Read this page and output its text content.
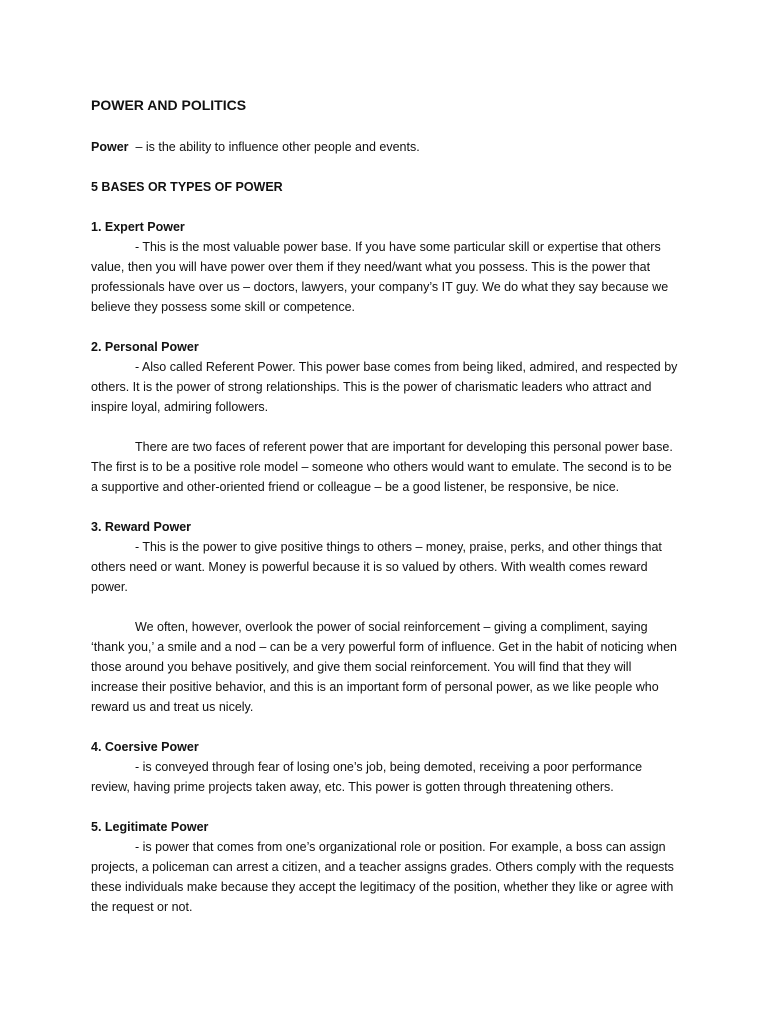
POWER AND POLITICS
Power  – is the ability to influence other people and events.
5 BASES OR TYPES OF POWER
1. Expert Power

- This is the most valuable power base. If you have some particular skill or expertise that others value, then you will have power over them if they need/want what you possess. This is the power that professionals have over us – doctors, lawyers, your company’s IT guy. We do what they say because we believe they possess some skill or competence.

2. Personal Power

- Also called Referent Power. This power base comes from being liked, admired, and respected by others. It is the power of strong relationships. This is the power of charismatic leaders who attract and inspire loyal, admiring followers.

There are two faces of referent power that are important for developing this personal power base. The first is to be a positive role model – someone who others would want to emulate. The second is to be a supportive and other-oriented friend or colleague – be a good listener, be responsive, be nice.

3. Reward Power

- This is the power to give positive things to others – money, praise, perks, and other things that others need or want. Money is powerful because it is so valued by others. With wealth comes reward power.

We often, however, overlook the power of social reinforcement – giving a compliment, saying ‘thank you,’ a smile and a nod – can be a very powerful form of influence. Get in the habit of noticing when those around you behave positively, and give them social reinforcement. You will find that they will increase their positive behavior, and this is an important form of personal power, as we like people who reward us and treat us nicely.

4. Coersive Power

- is conveyed through fear of losing one’s job, being demoted, receiving a poor performance review, having prime projects taken away, etc. This power is gotten through threatening others.

5. Legitimate Power

- is power that comes from one’s organizational role or position. For example, a boss can assign projects, a policeman can arrest a citizen, and a teacher assigns grades. Others comply with the requests these individuals make because they accept the legitimacy of the position, whether they like or agree with the request or not.
